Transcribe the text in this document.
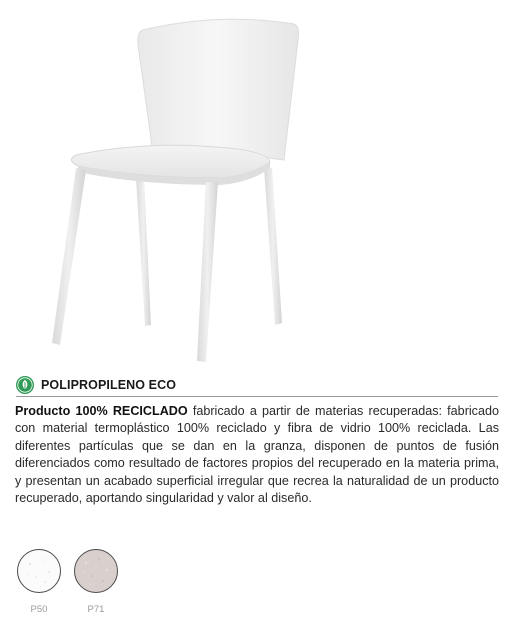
POLIPROPILENO ECO

Producto 100% RECICLADO fabricado a partir de materias recuperadas: fabricado con material termoplástico 100% reciclado y fibra de vidrio 100% reciclada. Las diferentes partículas que se dan en la granza, disponen de puntos de fusión diferenciados como resultado de factores propios del recuperado en la materia prima, y presentan un acabado superficial irregular que recrea la naturalidad de un producto recuperado, aportando singularidad y valor al diseño.

P50	P71
